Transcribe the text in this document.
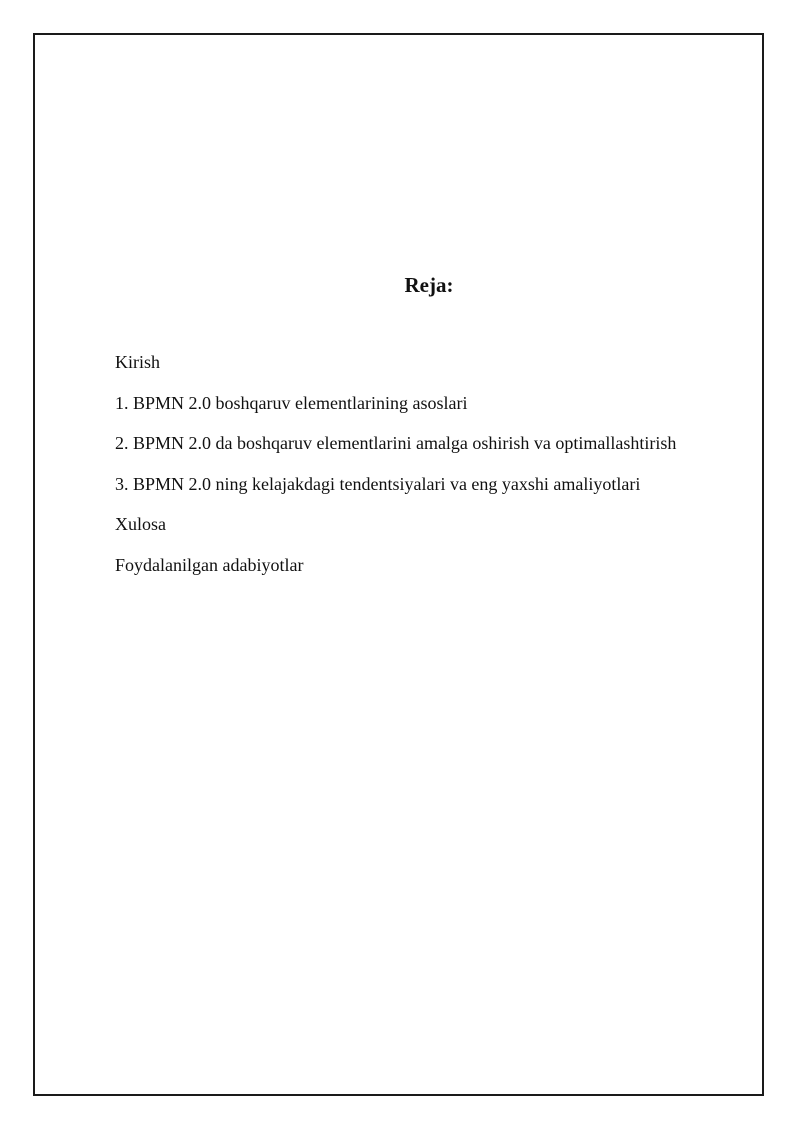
Reja:
Kirish
1. BPMN 2.0 boshqaruv elementlarining asoslari
2. BPMN 2.0 da boshqaruv elementlarini amalga oshirish va optimallashtirish
3. BPMN 2.0 ning kelajakdagi tendentsiyalari va eng yaxshi amaliyotlari
Xulosa
Foydalanilgan adabiyotlar
